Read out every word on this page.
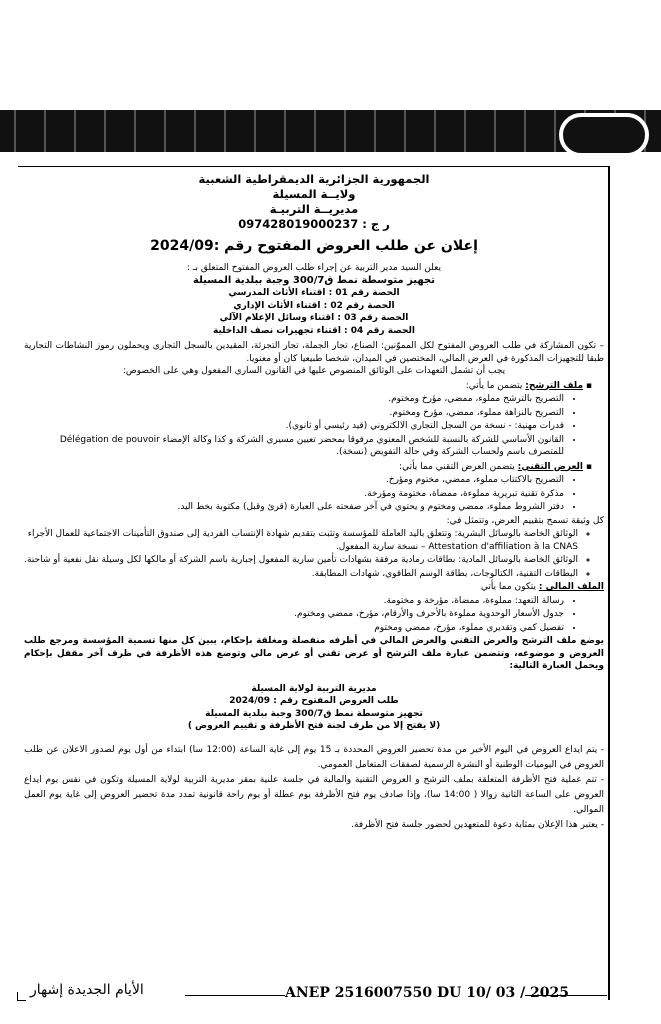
الجمهورية الجزائرية الديمقراطية الشعبية
ولايــة المسيلة
مديريــة التربيـة
ر ج : 097428019000237
إعلان عن طلب العروض المفتوح رقم :2024/09
يعلن السيد مدير التربية عن إجراء طلب العروض المفتوح المتعلق بـ :
تجهيز متوسطة نمط ق300/7 وجبة ببلدية المسيلة
الحصة رقم 01 : اقتناء الأثاث المدرسي
الحصة رقم 02 : اقتناء الأثاث الإداري
الحصة رقم 03 : اقتناء وسائل الإعلام الآلي
الحصة رقم 04 : اقتناء تجهيزات نصف الداخلية
– تكون المشاركة في طلب العروض المفتوح لكل المموّنين: الصناع، تجار الجملة، تجار التجزئة، المقيدين بالسجل التجاري ويحملون رموز النشاطات التجارية طبقا للتجهيزات المذكورة في العرض المالي، المختصين في الميدان، شخصا طبيعيا كان أو معنويا.
يجب أن تشمل التعهدات على الوثائق المنصوص عليها في القانون الساري المفعول وهي على الخصوص:
▪ ملف الترشح: يتضمن ما يأتي:
• التصريح بالترشح مملوء، ممضي، مؤرخ ومختوم.
• التصريح بالنزاهة مملوء، ممضي، مؤرخ ومختوم.
• قدرات مهنية: - نسخة من السجل التجاري الالكتروني (قيد رئيسي أو ثانوي).
• القانون الأساسي للشركة بالنسبة للشخص المعنوي مرفوقا بمحضر تعيين مسيري الشركة و كذا وكالة الإمضاء Délégation de pouvoir للمتصرف باسم ولحساب الشركة وفي حالة التفويض (نسخة).
▪ العرض التقني: يتضمن العرض التقني مما يأتي:
• التصريح بالاكتتاب مملوء، ممضي، مختوم ومؤرخ.
• مذكرة تقنية تبريرية مملوءة، ممضاة، مختومة ومؤرخة.
• دفتر الشروط مملوء، ممضي ومختوم و يحتوي في آخر صفحته على العبارة (قرئ وقبل) مكتوبة بخط اليد.
كل وثيقة تسمح بتقييم العرض، وتتمثل في:
◦ الوثائق الخاصة بالوسائل البشرية: وتتعلق باليد العاملة للمؤسسة وتثبت بتقديم شهادة الإنتساب الفردية إلى صندوق التأمينات الاجتماعية للعمال الأجراء Attestation d'affiliation à la CNAS – نسخة سارية المفعول.
◦ الوثائق الخاصة بالوسائل المادية: بطاقات رمادية مرفقة بشهادات تأمين سارية المفعول إجبارية باسم الشركة أو مالكها لكل وسيلة نقل نفعية أو شاحنة.
◦ البطاقات التقنية، الكتالوجات، بطاقة الوسم الطاقوي، شهادات المطابقة.
الملف المالي : يتكون مما يأتي
• رسالة التعهد: مملوءة، ممضاة، مؤرخة و مختومة.
• جدول الأسعار الوحدوية مملوءة بالأحرف والأرقام، مؤرخ، ممضي ومختوم.
• تفصيل كمي وتقديري مملوء، مؤرخ، ممضي ومختوم
يوضع ملف الترشح والعرض التقني والعرض المالي في أظرفه منفصلة ومغلقة بإحكام، يبين كل منها تسمية المؤسسة ومرجع طلب العروض و موضوعه، وتتضمن عبارة ملف الترشح أو عرض تقني أو عرض مالي وتوضع هذه الأظرفة في ظرف آخر مقفل بإحكام ويحمل العبارة التالية:
مديرية التربية لولاية المسيلة
طلب العروض المفتوح رقم : 2024/09
تجهيز متوسطة نمط ق300/7 وجبة ببلدية المسيلة
(لا يفتح إلا من طرف لجنة فتح الأظرفة و تقييم العروض )
- يتم ايداع العروض في اليوم الأخير من مدة تحضير العروض المحددة بـ 15 يوم إلى غاية الساعة (12:00 سا) ابتداء من أول يوم لصدور الاعلان عن طلب العروض في اليوميات الوطنية أو النشرة الرسمية لصفقات المتعامل العمومي.
- تتم عملية فتح الأظرفة المتعلقة بملف الترشح و العروض التقنية والمالية في جلسة علنية بمقر مديرية التربية لولاية المسيلة وتكون في نفس يوم ايداع العروض على الساعة الثانية زوالا ( 14:00 سا)، وإذا صادف يوم فتح الأظرفة يوم عطلة أو يوم راحة قانونية تمدد مدة تحضير العروض إلى غاية يوم العمل الموالي.
- يعتبر هذا الإعلان بمثابة دعوة للمتعهدين لحضور جلسة فتح الأظرفة.
الأيام الجديدة إشهار	ANEP 2516007550 DU 10/ 03 / 2025
